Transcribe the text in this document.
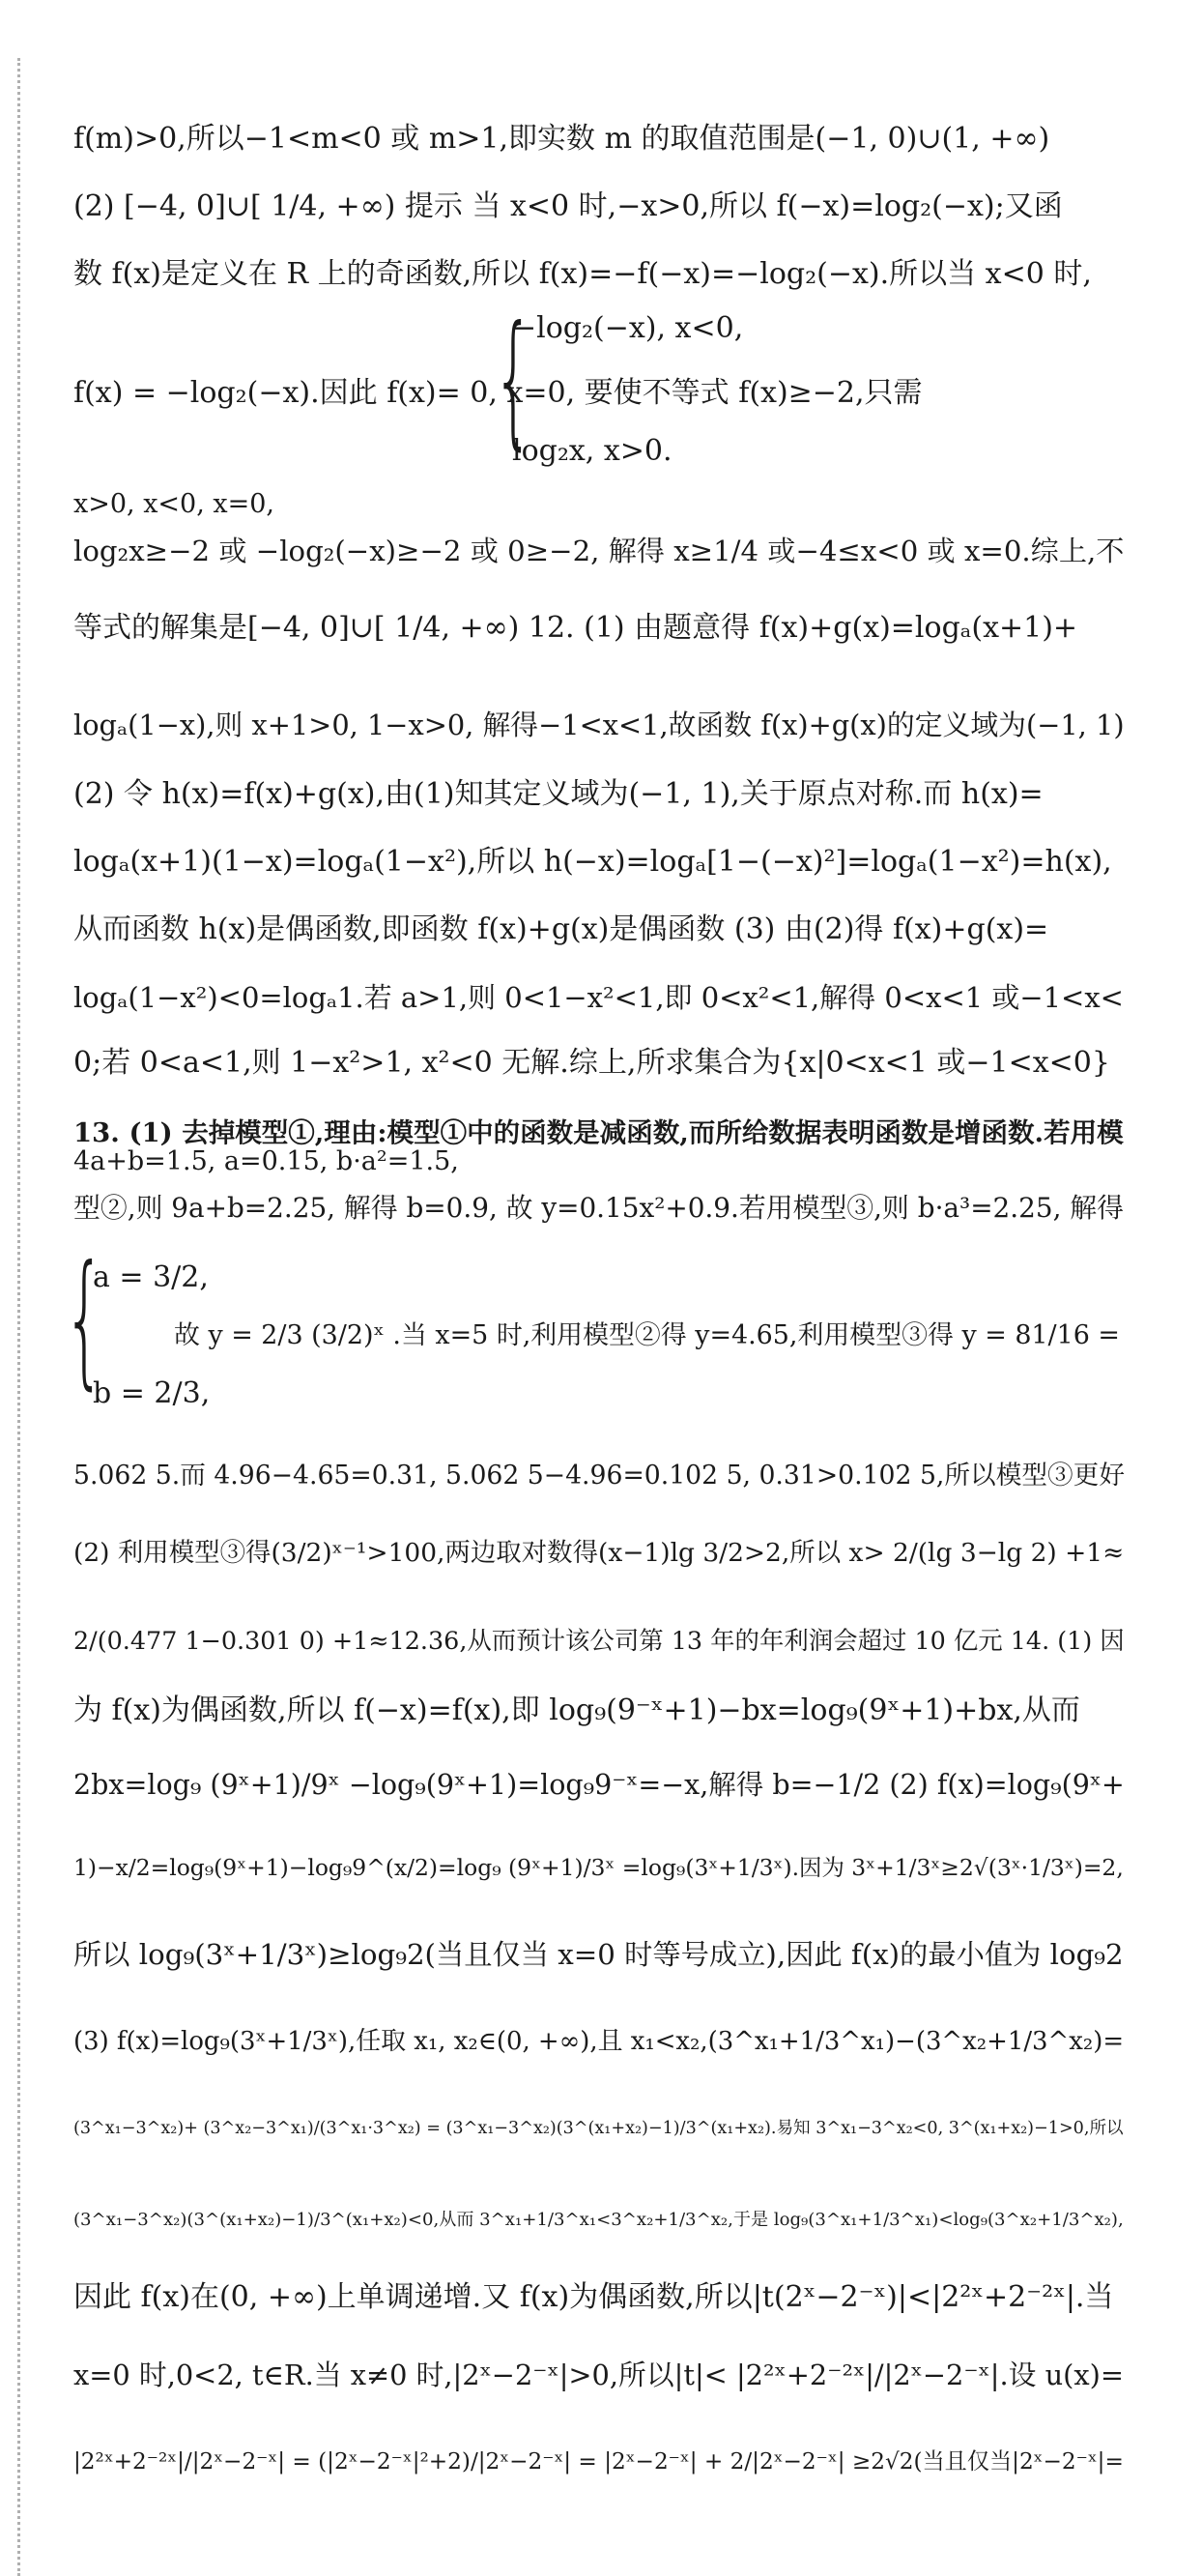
f(m)>0,所以−1<m<0 或 m>1,即实数 m 的取值范围是(−1, 0)∪(1, +∞)
(2) [−4, 0]∪[ 1/4, +∞) 提示 当 x<0 时,−x>0,所以 f(−x)=log₂(−x);又函
数 f(x)是定义在 R 上的奇函数,所以 f(x)=−f(−x)=−log₂(−x).所以当 x<0 时,
{
−log₂(−x), x<0,
f(x) = −log₂(−x).因此 f(x)= 0, x=0, 要使不等式 f(x)≥−2,只需
log₂x, x>0.
x>0, x<0, x=0,
log₂x≥−2 或 −log₂(−x)≥−2 或 0≥−2, 解得 x≥1/4 或−4≤x<0 或 x=0.综上,不
等式的解集是[−4, 0]∪[ 1/4, +∞) 12. (1) 由题意得 f(x)+g(x)=logₐ(x+1)+
logₐ(1−x),则 x+1>0, 1−x>0, 解得−1<x<1,故函数 f(x)+g(x)的定义域为(−1, 1)
(2) 令 h(x)=f(x)+g(x),由(1)知其定义域为(−1, 1),关于原点对称.而 h(x)=
logₐ(x+1)(1−x)=logₐ(1−x²),所以 h(−x)=logₐ[1−(−x)²]=logₐ(1−x²)=h(x),
从而函数 h(x)是偶函数,即函数 f(x)+g(x)是偶函数 (3) 由(2)得 f(x)+g(x)=
logₐ(1−x²)<0=logₐ1.若 a>1,则 0<1−x²<1,即 0<x²<1,解得 0<x<1 或−1<x<
0;若 0<a<1,则 1−x²>1, x²<0 无解.综上,所求集合为{x|0<x<1 或−1<x<0}
13. (1) 去掉模型①,理由:模型①中的函数是减函数,而所给数据表明函数是增函数.若用模
4a+b=1.5, a=0.15, b·a²=1.5,
型②,则 9a+b=2.25, 解得 b=0.9, 故 y=0.15x²+0.9.若用模型③,则 b·a³=2.25, 解得
{
a = 3/2,
故 y = 2/3 (3/2)ˣ .当 x=5 时,利用模型②得 y=4.65,利用模型③得 y = 81/16 =
b = 2/3,
5.062 5.而 4.96−4.65=0.31, 5.062 5−4.96=0.102 5, 0.31>0.102 5,所以模型③更好
(2) 利用模型③得(3/2)ˣ⁻¹>100,两边取对数得(x−1)lg 3/2>2,所以 x> 2/(lg 3−lg 2) +1≈
2/(0.477 1−0.301 0) +1≈12.36,从而预计该公司第 13 年的年利润会超过 10 亿元 14. (1) 因
为 f(x)为偶函数,所以 f(−x)=f(x),即 log₉(9⁻ˣ+1)−bx=log₉(9ˣ+1)+bx,从而
2bx=log₉ (9ˣ+1)/9ˣ −log₉(9ˣ+1)=log₉9⁻ˣ=−x,解得 b=−1/2 (2) f(x)=log₉(9ˣ+
1)−x/2=log₉(9ˣ+1)−log₉9^(x/2)=log₉ (9ˣ+1)/3ˣ =log₉(3ˣ+1/3ˣ).因为 3ˣ+1/3ˣ≥2√(3ˣ·1/3ˣ)=2,
所以 log₉(3ˣ+1/3ˣ)≥log₉2(当且仅当 x=0 时等号成立),因此 f(x)的最小值为 log₉2
(3) f(x)=log₉(3ˣ+1/3ˣ),任取 x₁, x₂∈(0, +∞),且 x₁<x₂,(3^x₁+1/3^x₁)−(3^x₂+1/3^x₂)=
(3^x₁−3^x₂)+ (3^x₂−3^x₁)/(3^x₁·3^x₂) = (3^x₁−3^x₂)(3^(x₁+x₂)−1)/3^(x₁+x₂).易知 3^x₁−3^x₂<0, 3^(x₁+x₂)−1>0,所以
(3^x₁−3^x₂)(3^(x₁+x₂)−1)/3^(x₁+x₂)<0,从而 3^x₁+1/3^x₁<3^x₂+1/3^x₂,于是 log₉(3^x₁+1/3^x₁)<log₉(3^x₂+1/3^x₂),
因此 f(x)在(0, +∞)上单调递增.又 f(x)为偶函数,所以|t(2ˣ−2⁻ˣ)|<|2²ˣ+2⁻²ˣ|.当
x=0 时,0<2, t∈R.当 x≠0 时,|2ˣ−2⁻ˣ|>0,所以|t|< |2²ˣ+2⁻²ˣ|/|2ˣ−2⁻ˣ|.设 u(x)=
|2²ˣ+2⁻²ˣ|/|2ˣ−2⁻ˣ| = (|2ˣ−2⁻ˣ|²+2)/|2ˣ−2⁻ˣ| = |2ˣ−2⁻ˣ| + 2/|2ˣ−2⁻ˣ| ≥2√2(当且仅当|2ˣ−2⁻ˣ|=
